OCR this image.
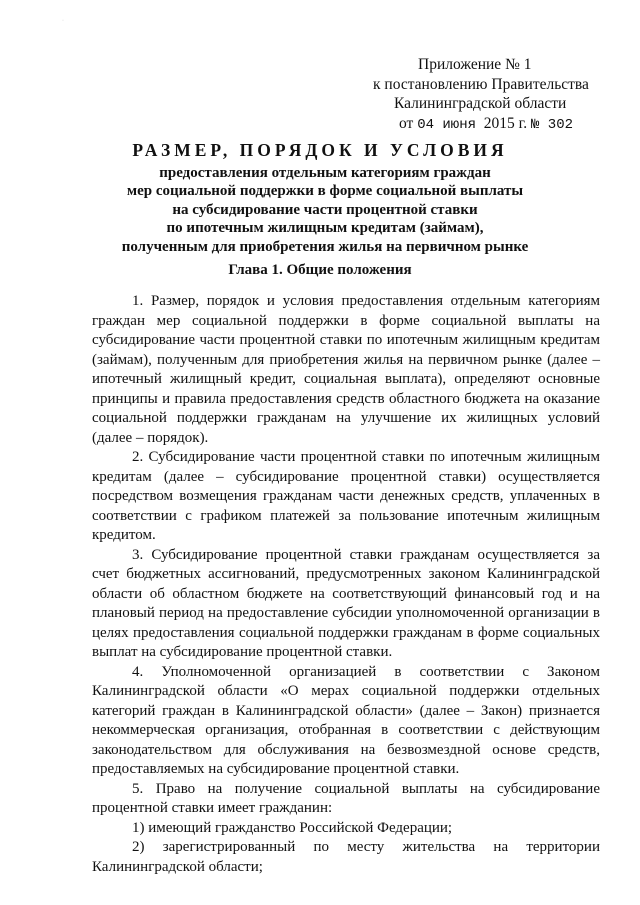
·
Приложение № 1
к постановлению Правительства
Калининградской области
от 04 июня 2015 г. № 302
РАЗМЕР, ПОРЯДОК И УСЛОВИЯ
предоставления отдельным категориям граждан
мер социальной поддержки в форме социальной выплаты
на субсидирование части процентной ставки
по ипотечным жилищным кредитам (займам),
полученным для приобретения жилья на первичном рынке
Глава 1. Общие положения

1. Размер, порядок и условия предоставления отдельным категориям граждан мер социальной поддержки в форме социальной выплаты на субсидирование части процентной ставки по ипотечным жилищным кредитам (займам), полученным для приобретения жилья на первичном рынке (далее – ипотечный жилищный кредит, социальная выплата), определяют основные принципы и правила предоставления средств областного бюджета на оказание социальной поддержки гражданам на улучшение их жилищных условий (далее – порядок).

2. Субсидирование части процентной ставки по ипотечным жилищным кредитам (далее – субсидирование процентной ставки) осуществляется посредством возмещения гражданам части денежных средств, уплаченных в соответствии с графиком платежей за пользование ипотечным жилищным кредитом.

3. Субсидирование процентной ставки гражданам осуществляется за счет бюджетных ассигнований, предусмотренных законом Калининградской области об областном бюджете на соответствующий финансовый год и на плановый период на предоставление субсидии уполномоченной организации в целях предоставления социальной поддержки гражданам в форме социальных выплат на субсидирование процентной ставки.

4. Уполномоченной организацией в соответствии с Законом Калининградской области «О мерах социальной поддержки отдельных категорий граждан в Калининградской области» (далее – Закон) признается некоммерческая организация, отобранная в соответствии с действующим законодательством для обслуживания на безвозмездной основе средств, предоставляемых на субсидирование процентной ставки.

5. Право на получение социальной выплаты на субсидирование процентной ставки имеет гражданин:

1) имеющий гражданство Российской Федерации;

2) зарегистрированный по месту жительства на территории Калининградской области;
